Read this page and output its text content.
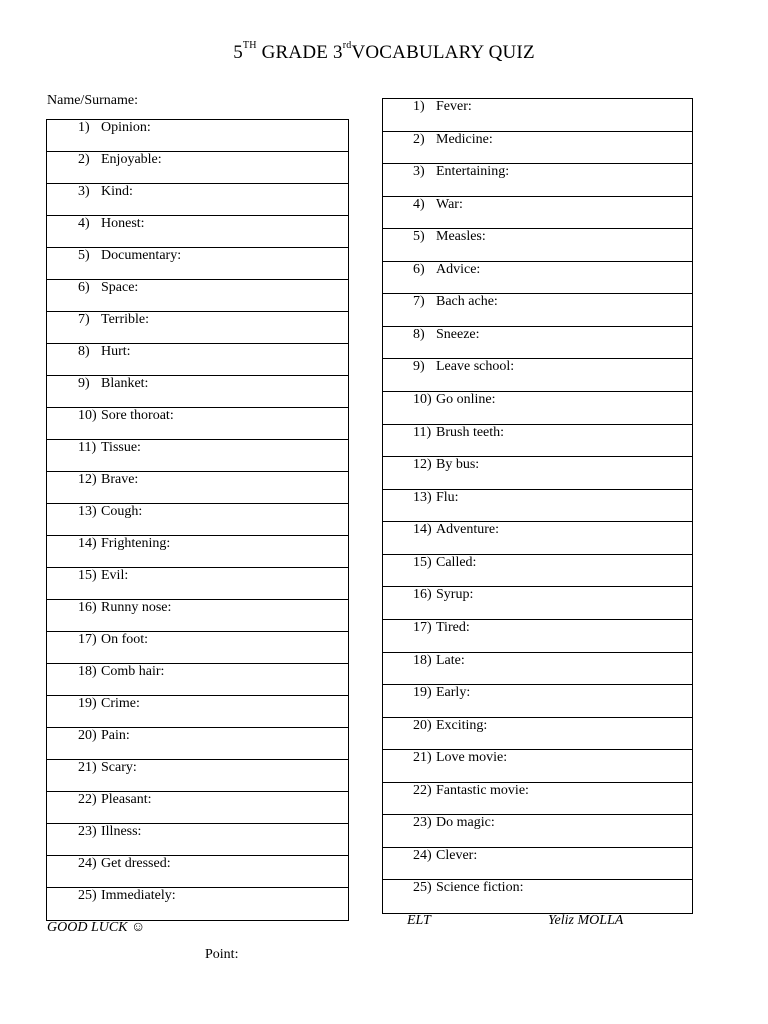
5TH GRADE 3rdVOCABULARY QUIZ
Name/Surname:
1) Opinion:
2) Enjoyable:
3) Kind:
4) Honest:
5) Documentary:
6) Space:
7) Terrible:
8) Hurt:
9) Blanket:
10) Sore thoroat:
11) Tissue:
12) Brave:
13) Cough:
14) Frightening:
15) Evil:
16) Runny nose:
17) On foot:
18) Comb hair:
19) Crime:
20) Pain:
21) Scary:
22) Pleasant:
23) Illness:
24) Get dressed:
25) Immediately:
1) Fever:
2) Medicine:
3) Entertaining:
4) War:
5) Measles:
6) Advice:
7) Bach ache:
8) Sneeze:
9) Leave school:
10) Go online:
11) Brush teeth:
12) By bus:
13) Flu:
14) Adventure:
15) Called:
16) Syrup:
17) Tired:
18) Late:
19) Early:
20) Exciting:
21) Love movie:
22) Fantastic movie:
23) Do magic:
24) Clever:
25) Science fiction:
GOOD LUCK ☺	ELT	Yeliz MOLLA
Point:
